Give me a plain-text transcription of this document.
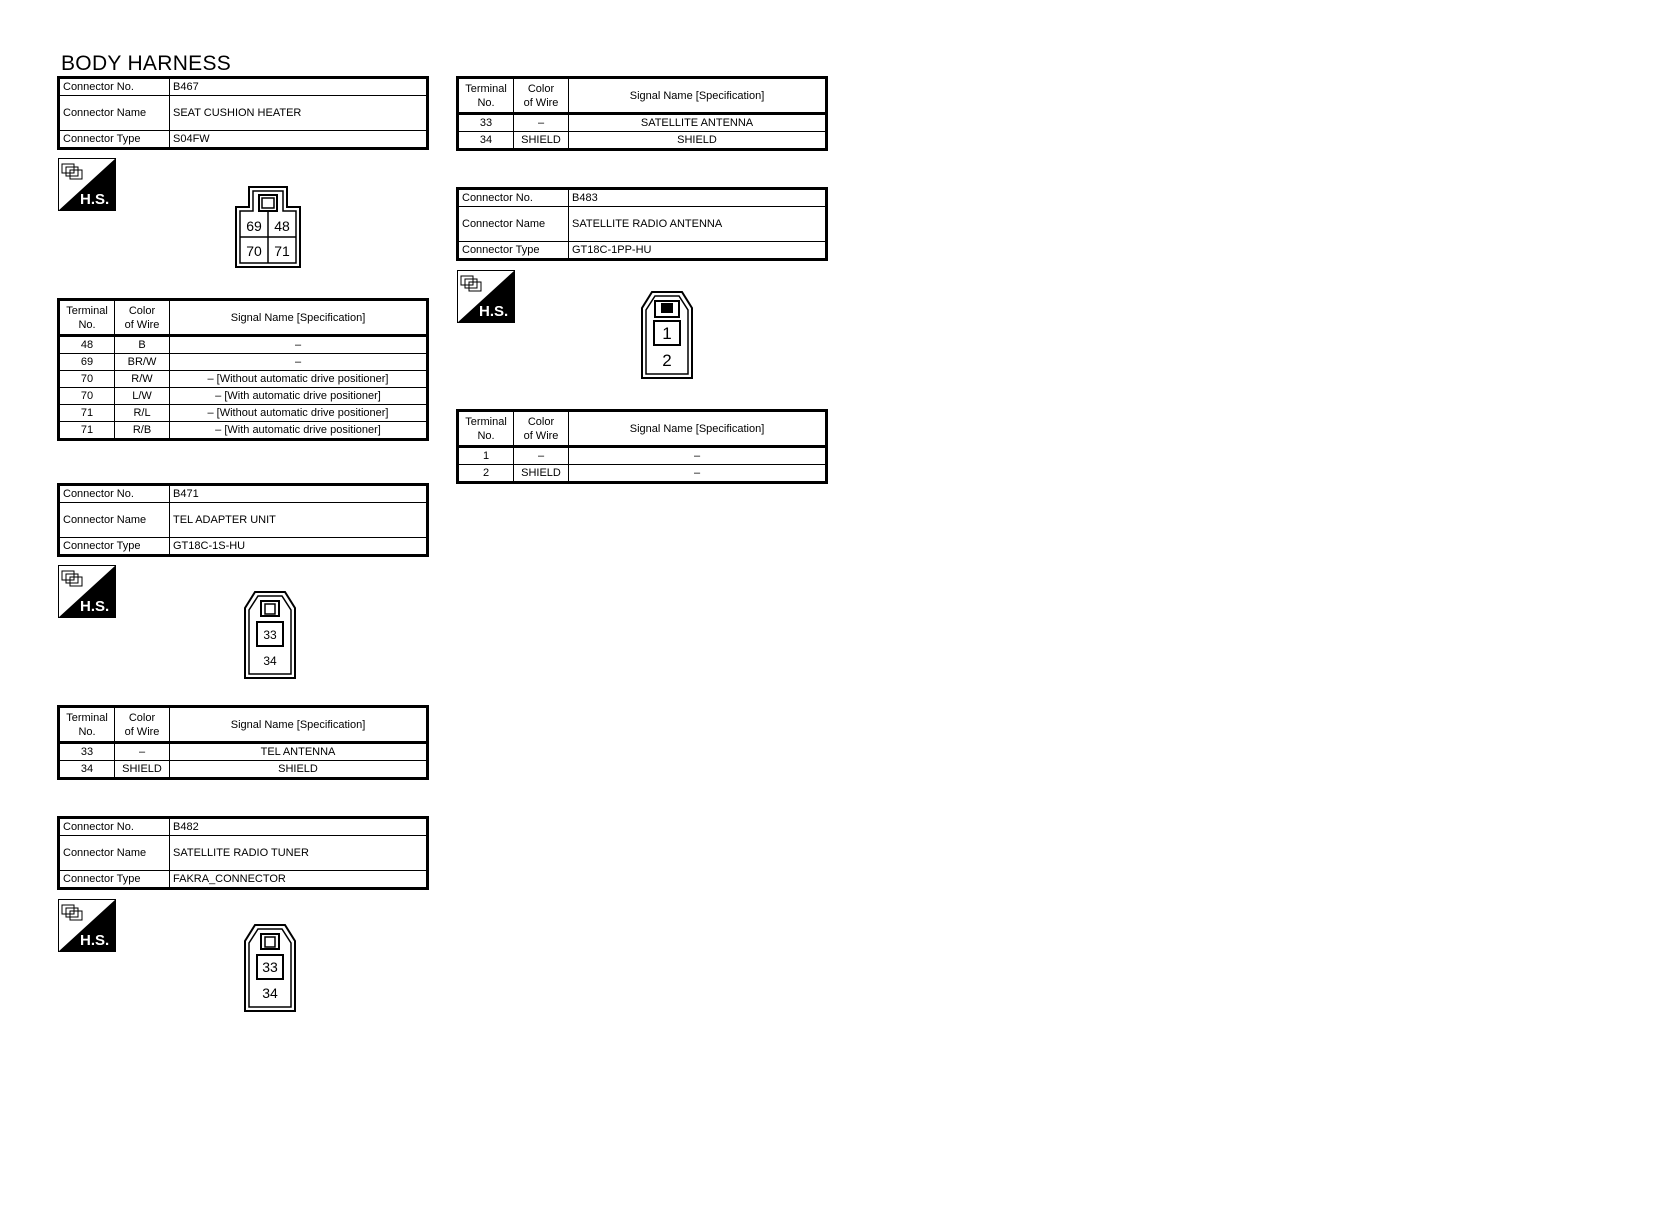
BODY HARNESS
Connector No.	B467
Connector Name	SEAT CUSHION HEATER
Connector Type	S04FW
H.S.
69 48
70 71
Terminal
No.	Color
of Wire	Signal Name [Specification]
48	B	–
69	BR/W	–
70	R/W	– [Without automatic drive positioner]
70	L/W	– [With automatic drive positioner]
71	R/L	– [Without automatic drive positioner]
71	R/B	– [With automatic drive positioner]
Connector No.	B471
Connector Name	TEL ADAPTER UNIT
Connector Type	GT18C-1S-HU
H.S.
33
34
Terminal
No.	Color
of Wire	Signal Name [Specification]
33	–	TEL ANTENNA
34	SHIELD	SHIELD
Connector No.	B482
Connector Name	SATELLITE RADIO TUNER
Connector Type	FAKRA_CONNECTOR
H.S.
33
34
Terminal
No.	Color
of Wire	Signal Name [Specification]
33	–	SATELLITE ANTENNA
34	SHIELD	SHIELD
Connector No.	B483
Connector Name	SATELLITE RADIO ANTENNA
Connector Type	GT18C-1PP-HU
H.S.
1
2
Terminal
No.	Color
of Wire	Signal Name [Specification]
1	–	–
2	SHIELD	–
